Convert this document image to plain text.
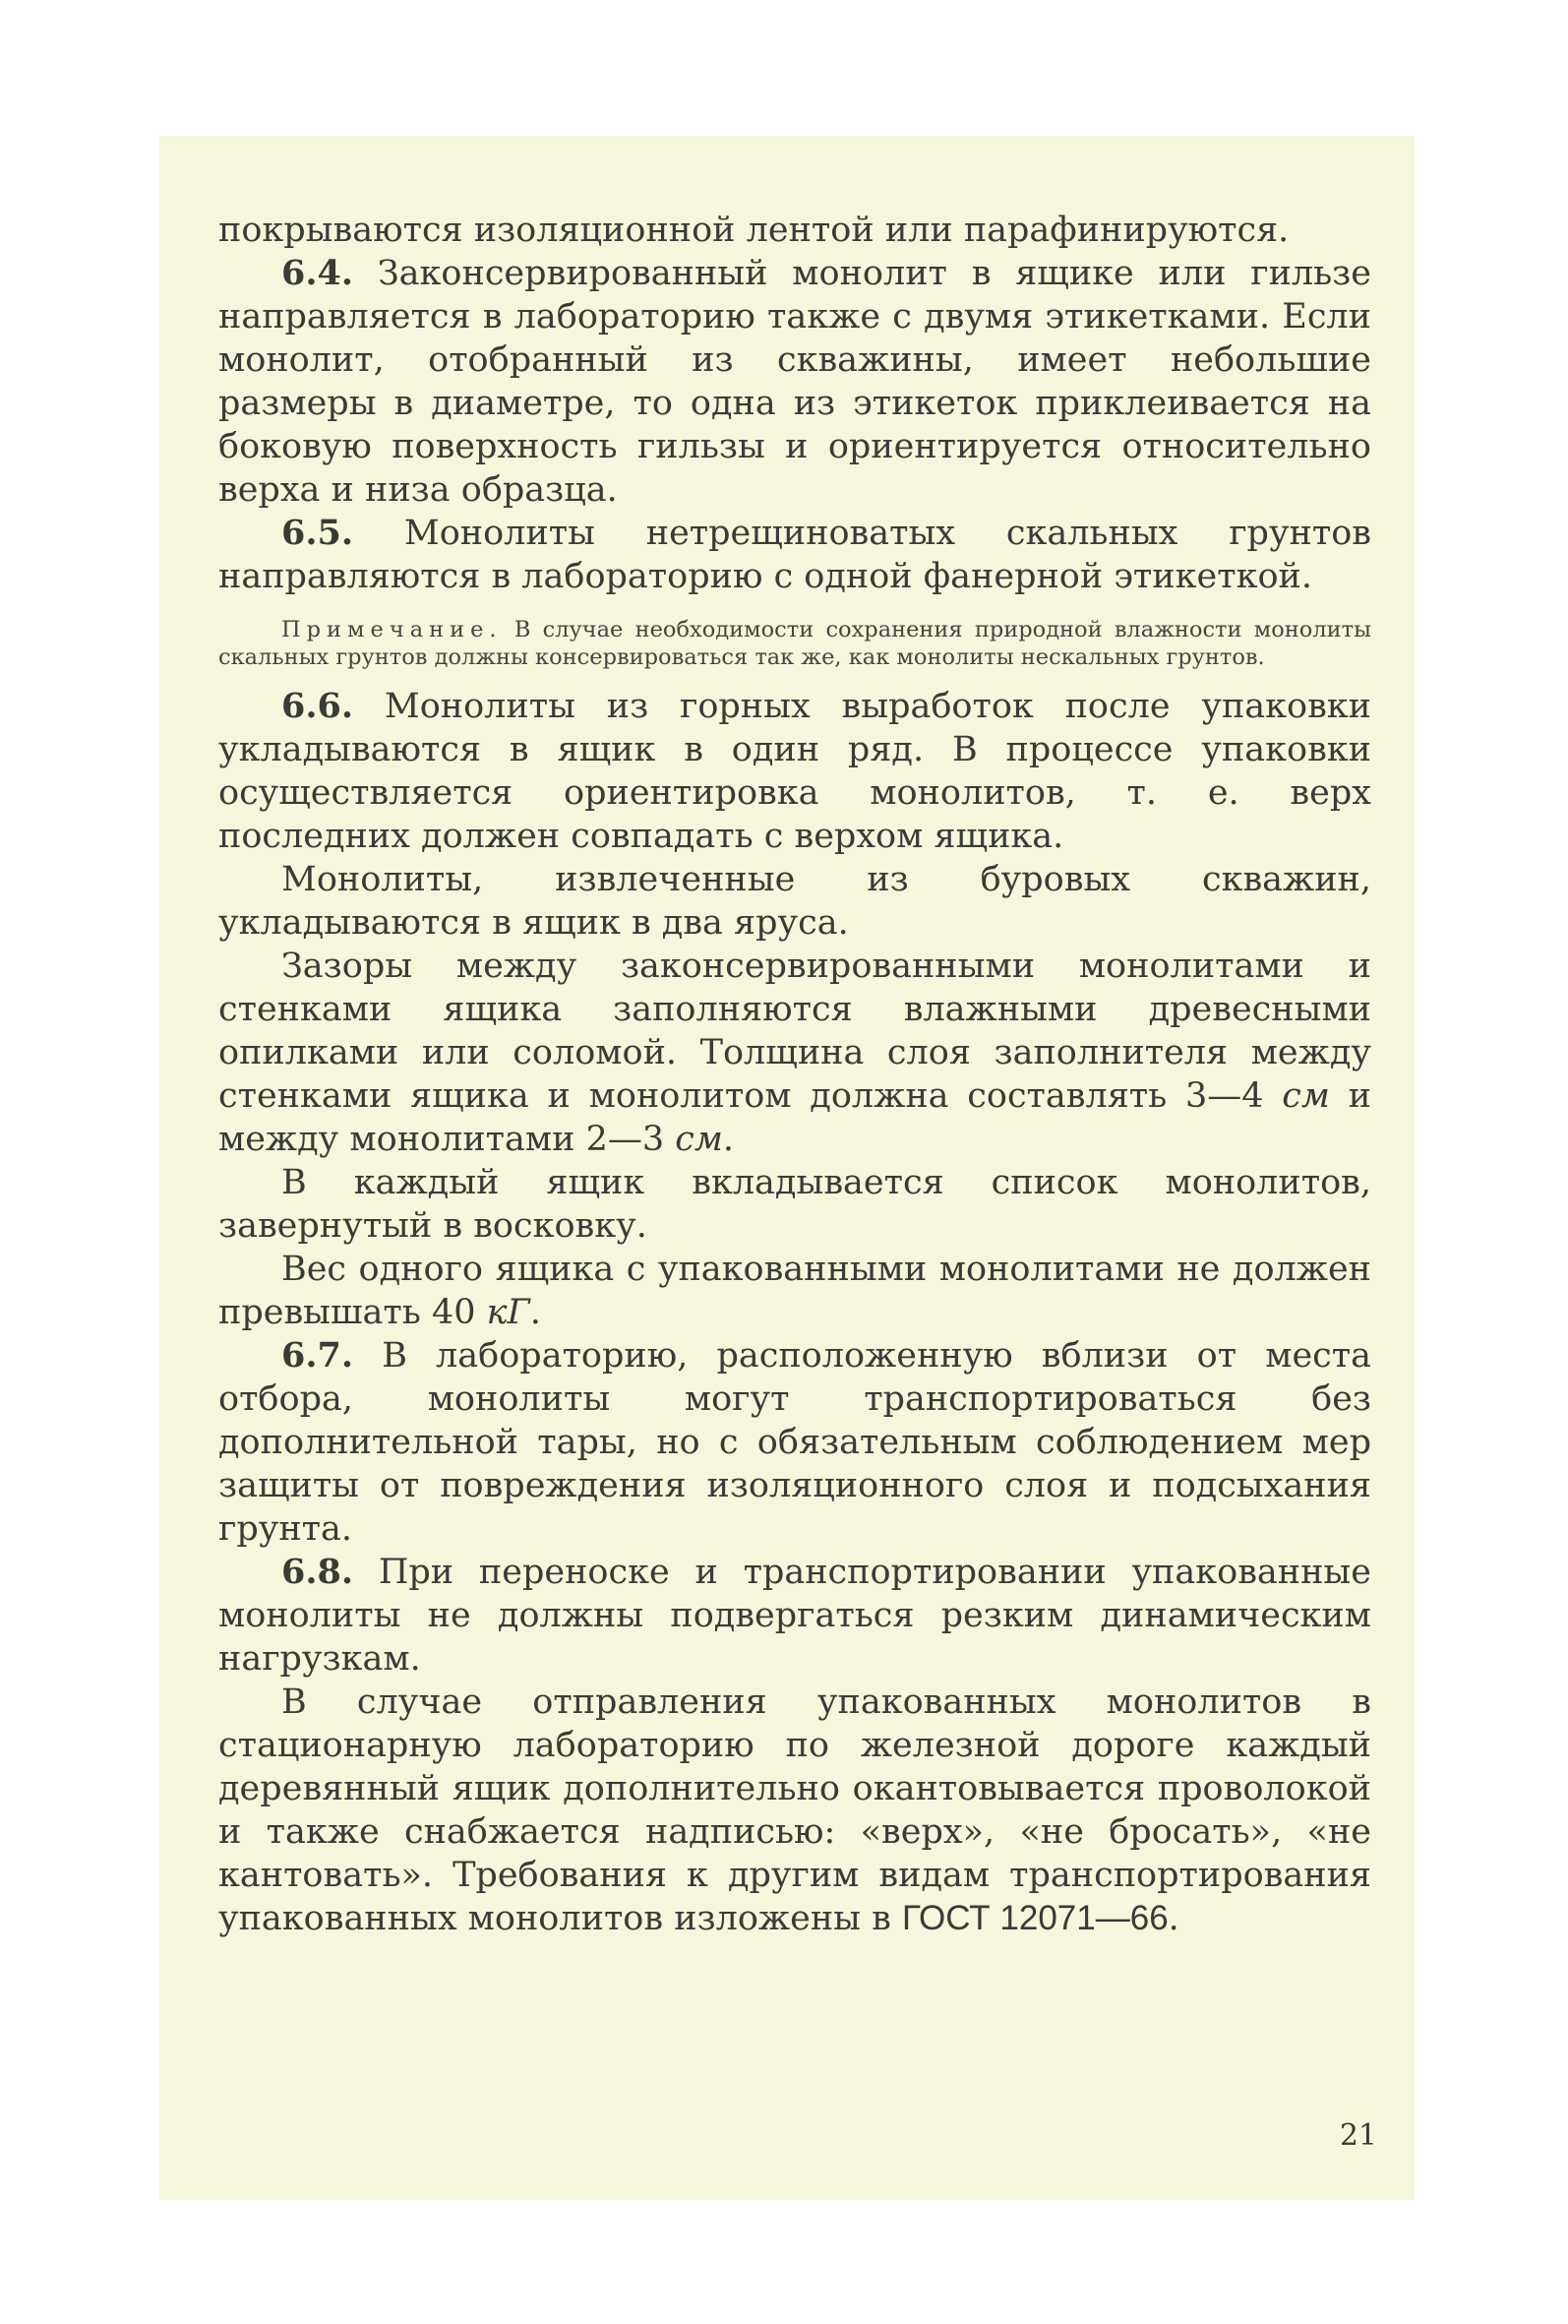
покрываются изоляционной лентой или парафинируются.

6.4. Законсервированный монолит в ящике или гильзе направляется в лабораторию также с двумя этикетками. Если монолит, отобранный из скважины, имеет небольшие размеры в диаметре, то одна из этикеток приклеивается на боковую поверхность гильзы и ориентируется относительно верха и низа образца.

6.5. Монолиты нетрещиноватых скальных грунтов направляются в лабораторию с одной фанерной этикеткой.

Примечание. В случае необходимости сохранения природной влажности монолиты скальных грунтов должны консервироваться так же, как монолиты нескальных грунтов.

6.6. Монолиты из горных выработок после упаковки укладываются в ящик в один ряд. В процессе упаковки осуществляется ориентировка монолитов, т. е. верх последних должен совпадать с верхом ящика.

Монолиты, извлеченные из буровых скважин, укладываются в ящик в два яруса.

Зазоры между законсервированными монолитами и стенками ящика заполняются влажными древесными опилками или соломой. Толщина слоя заполнителя между стенками ящика и монолитом должна составлять 3—4 см и между монолитами 2—3 см.

В каждый ящик вкладывается список монолитов, завернутый в восковку.

Вес одного ящика с упакованными монолитами не должен превышать 40 кГ.

6.7. В лабораторию, расположенную вблизи от места отбора, монолиты могут транспортироваться без дополнительной тары, но с обязательным соблюдением мер защиты от повреждения изоляционного слоя и подсыхания грунта.

6.8. При переноске и транспортировании упакованные монолиты не должны подвергаться резким динамическим нагрузкам.

В случае отправления упакованных монолитов в стационарную лабораторию по железной дороге каждый деревянный ящик дополнительно окантовывается проволокой и также снабжается надписью: «верх», «не бросать», «не кантовать». Требования к другим видам транспортирования упакованных монолитов изложены в ГОСТ 12071—66.

21
